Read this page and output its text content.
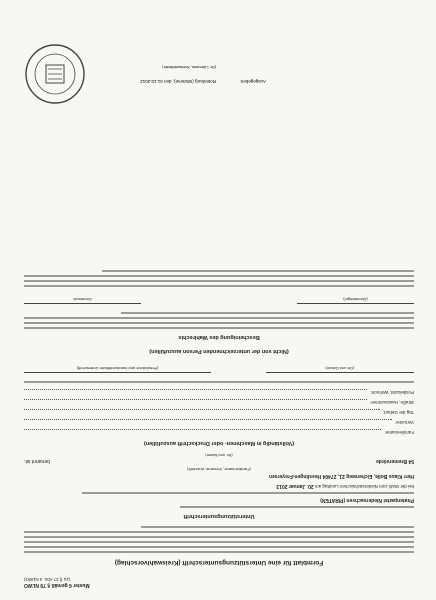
Muster 6 gemäß § 79 NLWO
(zu § 27 Abs. 4 NLWO)
Formblatt für eine Unterstützungsunterschrift (Kreiswahlvorschlag)
Unterstützungsunterschrift
Piratenpartei Niedersachsen (PIRATEN)
bei der Wahl zum Niedersächsischen Landtag am 20. Januar 2013
Herr Klaus Bolle, Eichenweg 21, 27404 Heeslingen-Freyersen
(Familienname, Vorname, Anschrift)
54 Bremervörde
benannt ist.
(Nr. und Name)
(Vollständig in Maschinen- oder Druckschrift auszufüllen)
Familienname:
Vorname:
Tag der Geburt:
Straße, Hausnummer:
Postleitzahl, Wohnort:
(Ort und Datum)
(Persönliche und handschriftliche Unterschrift)
(Nicht von der unterzeichnenden Person auszufüllen)
Bescheinigung des Wahlrechts
(Dienstsiegel)
Gemeinde
Ausgegeben:
Rotenburg (Wümme), den 01.10.2012
(Dr. Lühmann, Kreiswahlleiter)
